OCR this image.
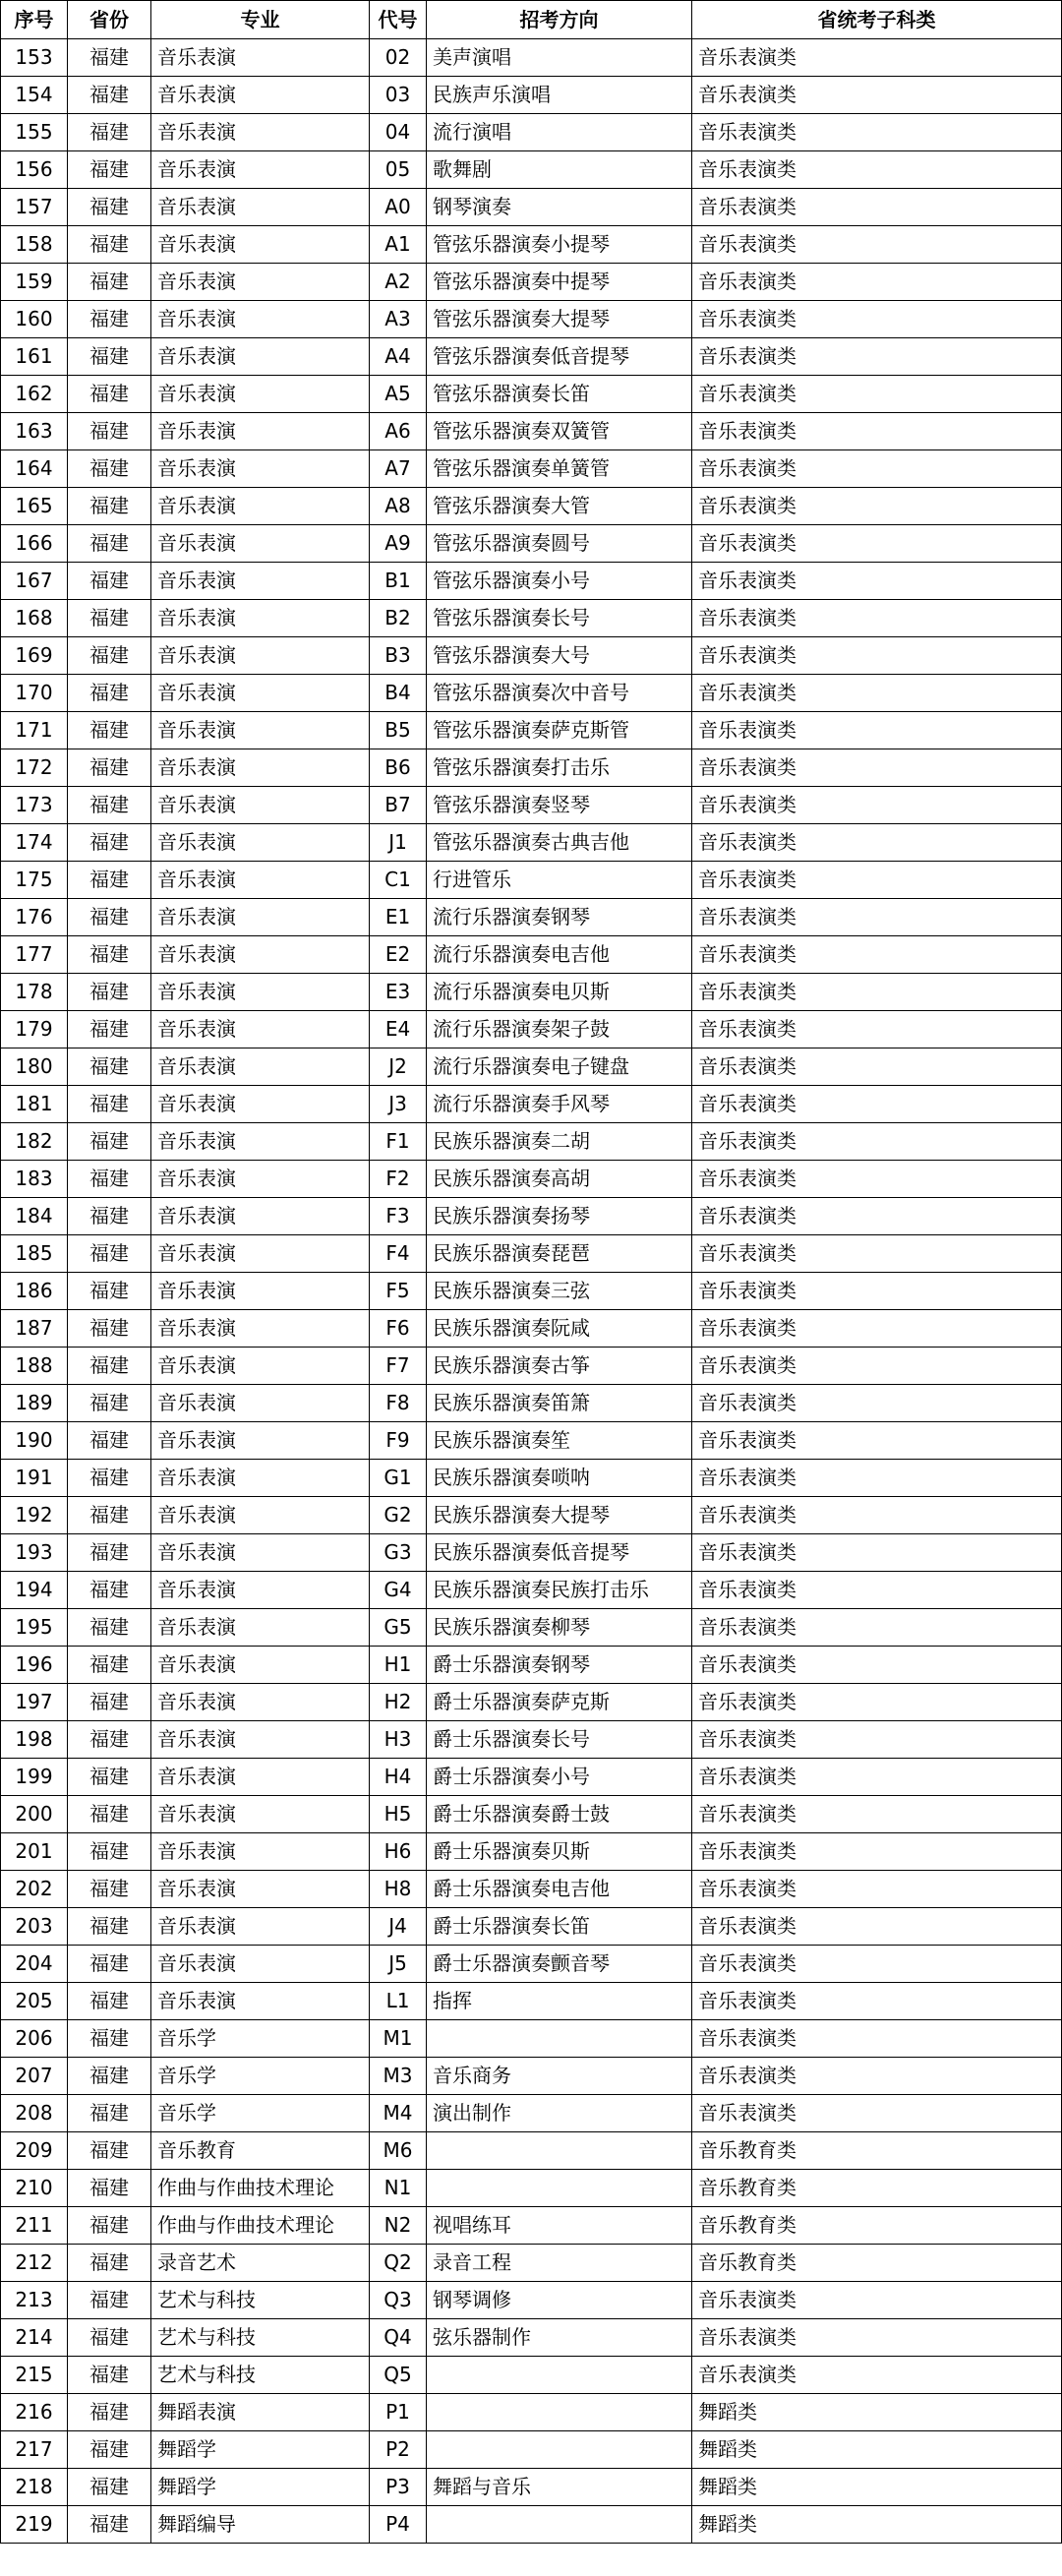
序号	省份	专业	代号	招考方向	省统考子科类
153	福建	音乐表演	02	美声演唱	音乐表演类
154	福建	音乐表演	03	民族声乐演唱	音乐表演类
155	福建	音乐表演	04	流行演唱	音乐表演类
156	福建	音乐表演	05	歌舞剧	音乐表演类
157	福建	音乐表演	A0	钢琴演奏	音乐表演类
158	福建	音乐表演	A1	管弦乐器演奏小提琴	音乐表演类
159	福建	音乐表演	A2	管弦乐器演奏中提琴	音乐表演类
160	福建	音乐表演	A3	管弦乐器演奏大提琴	音乐表演类
161	福建	音乐表演	A4	管弦乐器演奏低音提琴	音乐表演类
162	福建	音乐表演	A5	管弦乐器演奏长笛	音乐表演类
163	福建	音乐表演	A6	管弦乐器演奏双簧管	音乐表演类
164	福建	音乐表演	A7	管弦乐器演奏单簧管	音乐表演类
165	福建	音乐表演	A8	管弦乐器演奏大管	音乐表演类
166	福建	音乐表演	A9	管弦乐器演奏圆号	音乐表演类
167	福建	音乐表演	B1	管弦乐器演奏小号	音乐表演类
168	福建	音乐表演	B2	管弦乐器演奏长号	音乐表演类
169	福建	音乐表演	B3	管弦乐器演奏大号	音乐表演类
170	福建	音乐表演	B4	管弦乐器演奏次中音号	音乐表演类
171	福建	音乐表演	B5	管弦乐器演奏萨克斯管	音乐表演类
172	福建	音乐表演	B6	管弦乐器演奏打击乐	音乐表演类
173	福建	音乐表演	B7	管弦乐器演奏竖琴	音乐表演类
174	福建	音乐表演	J1	管弦乐器演奏古典吉他	音乐表演类
175	福建	音乐表演	C1	行进管乐	音乐表演类
176	福建	音乐表演	E1	流行乐器演奏钢琴	音乐表演类
177	福建	音乐表演	E2	流行乐器演奏电吉他	音乐表演类
178	福建	音乐表演	E3	流行乐器演奏电贝斯	音乐表演类
179	福建	音乐表演	E4	流行乐器演奏架子鼓	音乐表演类
180	福建	音乐表演	J2	流行乐器演奏电子键盘	音乐表演类
181	福建	音乐表演	J3	流行乐器演奏手风琴	音乐表演类
182	福建	音乐表演	F1	民族乐器演奏二胡	音乐表演类
183	福建	音乐表演	F2	民族乐器演奏高胡	音乐表演类
184	福建	音乐表演	F3	民族乐器演奏扬琴	音乐表演类
185	福建	音乐表演	F4	民族乐器演奏琵琶	音乐表演类
186	福建	音乐表演	F5	民族乐器演奏三弦	音乐表演类
187	福建	音乐表演	F6	民族乐器演奏阮咸	音乐表演类
188	福建	音乐表演	F7	民族乐器演奏古筝	音乐表演类
189	福建	音乐表演	F8	民族乐器演奏笛箫	音乐表演类
190	福建	音乐表演	F9	民族乐器演奏笙	音乐表演类
191	福建	音乐表演	G1	民族乐器演奏唢呐	音乐表演类
192	福建	音乐表演	G2	民族乐器演奏大提琴	音乐表演类
193	福建	音乐表演	G3	民族乐器演奏低音提琴	音乐表演类
194	福建	音乐表演	G4	民族乐器演奏民族打击乐	音乐表演类
195	福建	音乐表演	G5	民族乐器演奏柳琴	音乐表演类
196	福建	音乐表演	H1	爵士乐器演奏钢琴	音乐表演类
197	福建	音乐表演	H2	爵士乐器演奏萨克斯	音乐表演类
198	福建	音乐表演	H3	爵士乐器演奏长号	音乐表演类
199	福建	音乐表演	H4	爵士乐器演奏小号	音乐表演类
200	福建	音乐表演	H5	爵士乐器演奏爵士鼓	音乐表演类
201	福建	音乐表演	H6	爵士乐器演奏贝斯	音乐表演类
202	福建	音乐表演	H8	爵士乐器演奏电吉他	音乐表演类
203	福建	音乐表演	J4	爵士乐器演奏长笛	音乐表演类
204	福建	音乐表演	J5	爵士乐器演奏颤音琴	音乐表演类
205	福建	音乐表演	L1	指挥	音乐表演类
206	福建	音乐学	M1		音乐表演类
207	福建	音乐学	M3	音乐商务	音乐表演类
208	福建	音乐学	M4	演出制作	音乐表演类
209	福建	音乐教育	M6		音乐教育类
210	福建	作曲与作曲技术理论	N1		音乐教育类
211	福建	作曲与作曲技术理论	N2	视唱练耳	音乐教育类
212	福建	录音艺术	Q2	录音工程	音乐教育类
213	福建	艺术与科技	Q3	钢琴调修	音乐表演类
214	福建	艺术与科技	Q4	弦乐器制作	音乐表演类
215	福建	艺术与科技	Q5		音乐表演类
216	福建	舞蹈表演	P1		舞蹈类
217	福建	舞蹈学	P2		舞蹈类
218	福建	舞蹈学	P3	舞蹈与音乐	舞蹈类
219	福建	舞蹈编导	P4		舞蹈类
